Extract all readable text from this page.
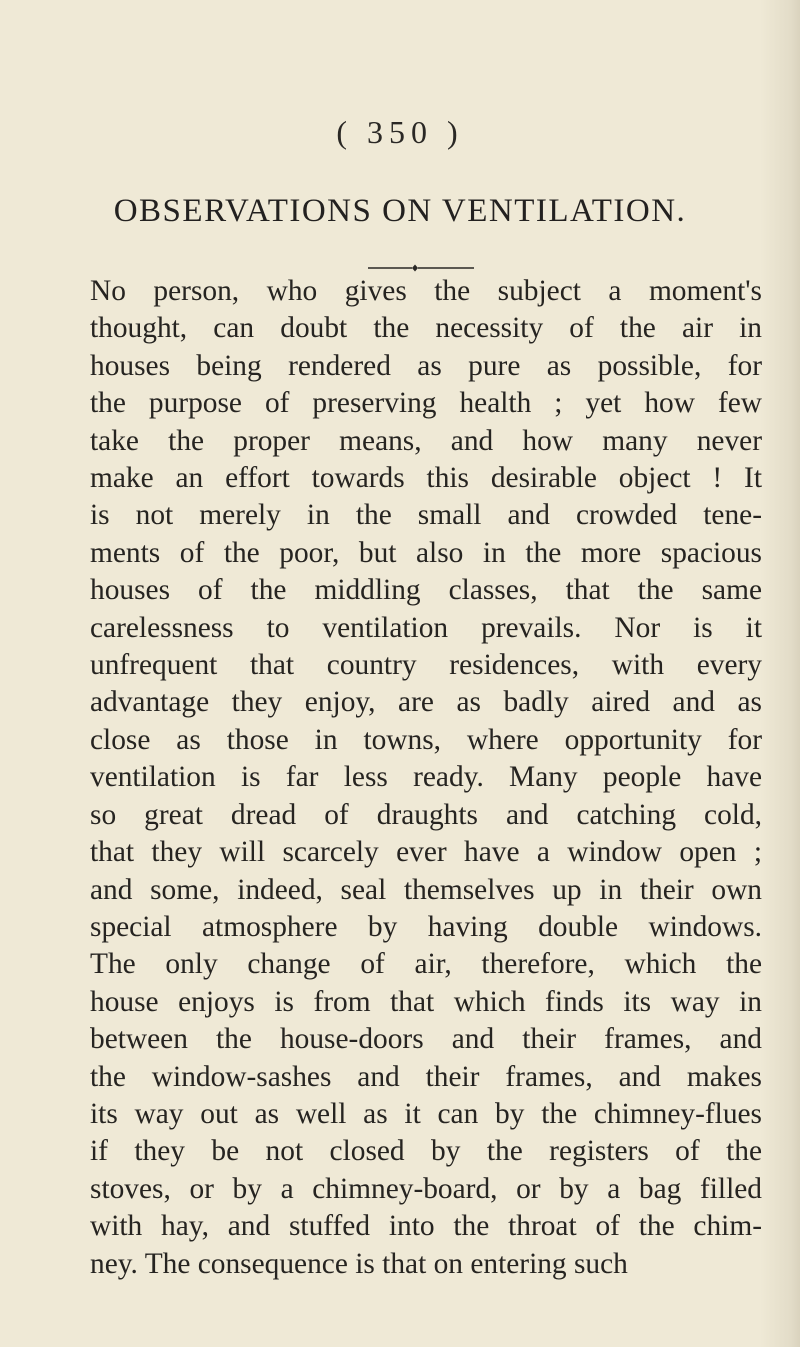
( 350 )
OBSERVATIONS ON VENTILATION.
No person, who gives the subject a moment's
thought, can doubt the necessity of the air in
houses being rendered as pure as possible, for
the purpose of preserving health ; yet how few
take the proper means, and how many never
make an effort towards this desirable object ! It
is not merely in the small and crowded tene-
ments of the poor, but also in the more spacious
houses of the middling classes, that the same
carelessness to ventilation prevails. Nor is it
unfrequent that country residences, with every
advantage they enjoy, are as badly aired and as
close as those in towns, where opportunity for
ventilation is far less ready. Many people have
so great dread of draughts and catching cold,
that they will scarcely ever have a window open ;
and some, indeed, seal themselves up in their own
special atmosphere by having double windows.
The only change of air, therefore, which the
house enjoys is from that which finds its way in
between the house-doors and their frames, and
the window-sashes and their frames, and makes
its way out as well as it can by the chimney-flues
if they be not closed by the registers of the
stoves, or by a chimney-board, or by a bag filled
with hay, and stuffed into the throat of the chim-
ney. The consequence is that on entering such
